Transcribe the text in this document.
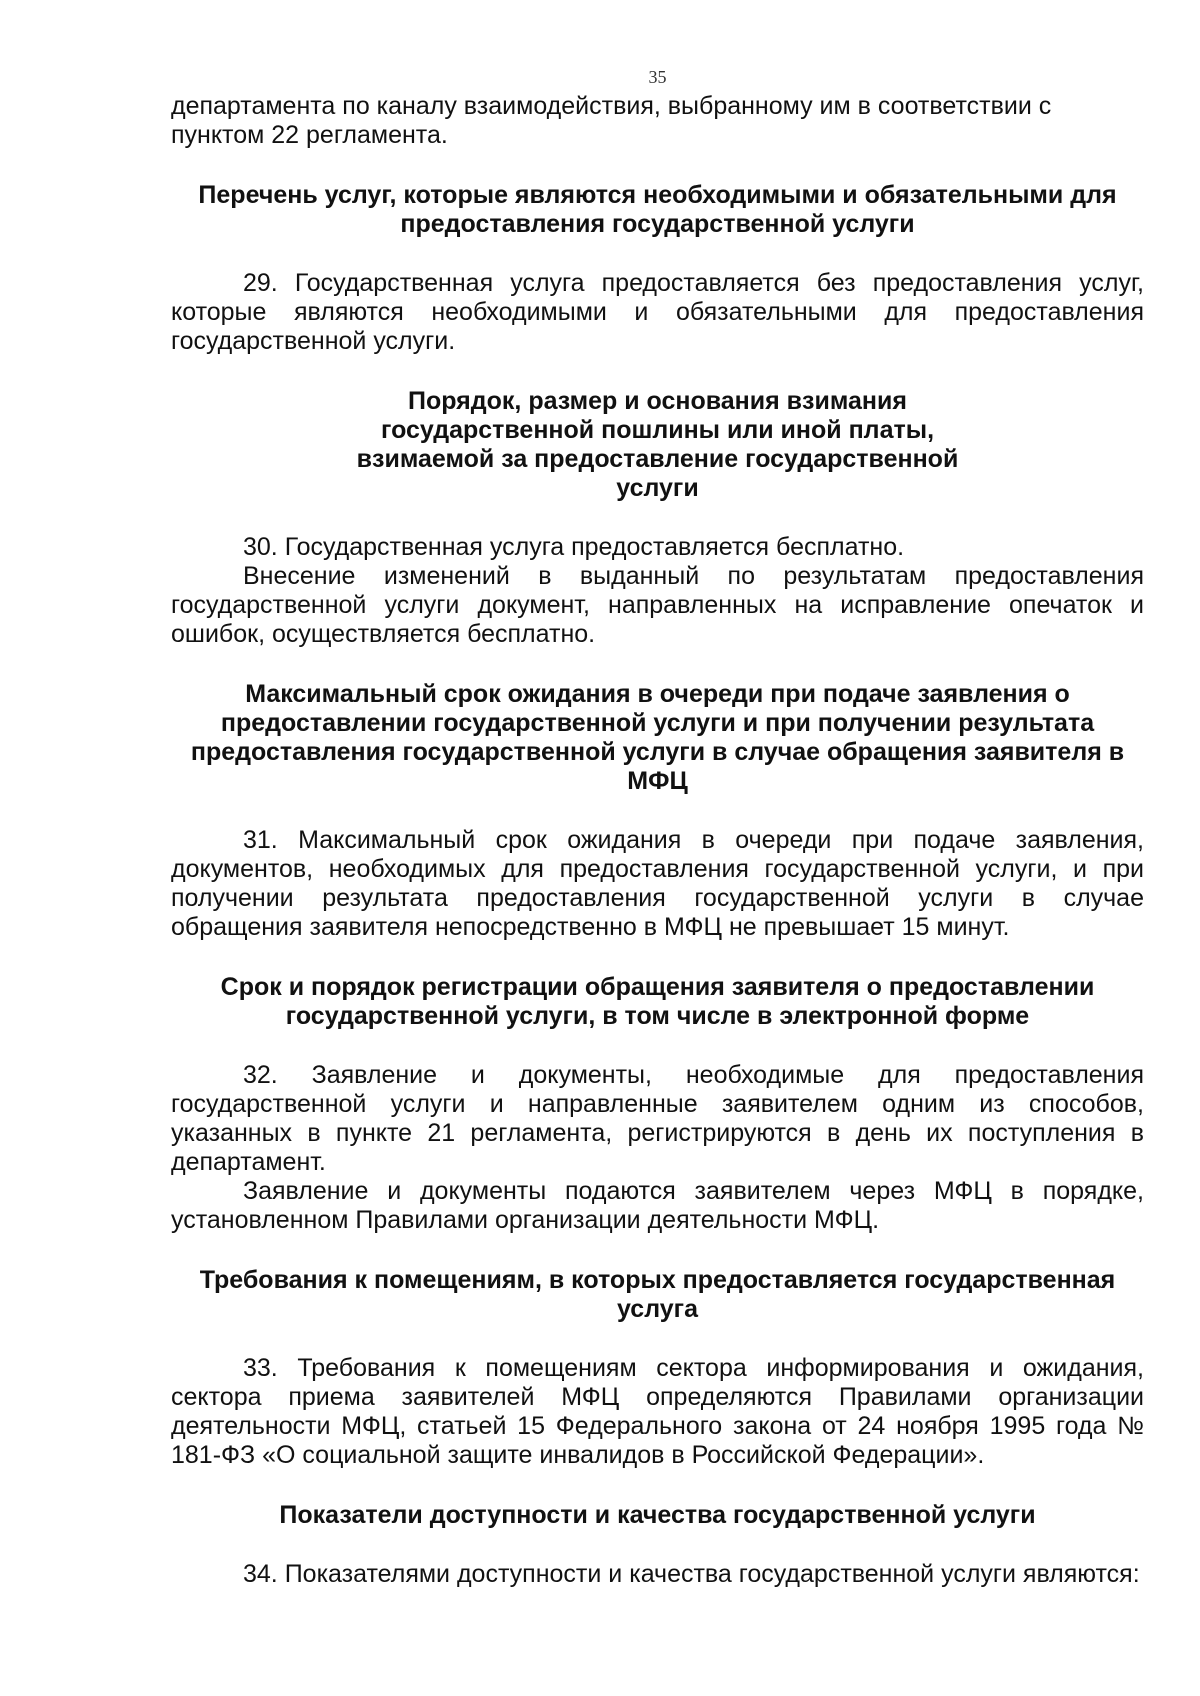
35

департамента по каналу взаимодействия, выбранному им в соответствии с пунктом 22 регламента.

Перечень услуг, которые являются необходимыми и обязательными для предоставления государственной услуги

29. Государственная услуга предоставляется без предоставления услуг, которые являются необходимыми и обязательными для предоставления государственной услуги.

Порядок, размер и основания взимания государственной пошлины или иной платы, взимаемой за предоставление государственной услуги

30. Государственная услуга предоставляется бесплатно.

Внесение изменений в выданный по результатам предоставления государственной услуги документ, направленных на исправление опечаток и ошибок, осуществляется бесплатно.

Максимальный срок ожидания в очереди при подаче заявления о предоставлении государственной услуги и при получении результата предоставления государственной услуги в случае обращения заявителя в МФЦ

31. Максимальный срок ожидания в очереди при подаче заявления, документов, необходимых для предоставления государственной услуги, и при получении результата предоставления государственной услуги в случае обращения заявителя непосредственно в МФЦ не превышает 15 минут.

Срок и порядок регистрации обращения заявителя о предоставлении государственной услуги, в том числе в электронной форме

32. Заявление и документы, необходимые для предоставления государственной услуги и направленные заявителем одним из способов, указанных в пункте 21 регламента, регистрируются в день их поступления в департамент.

Заявление и документы подаются заявителем через МФЦ в порядке, установленном Правилами организации деятельности МФЦ.

Требования к помещениям, в которых предоставляется государственная услуга

33. Требования к помещениям сектора информирования и ожидания, сектора приема заявителей МФЦ определяются Правилами организации деятельности МФЦ, статьей 15 Федерального закона от 24 ноября 1995 года № 181-ФЗ «О социальной защите инвалидов в Российской Федерации».

Показатели доступности и качества государственной услуги

34. Показателями доступности и качества государственной услуги являются:
